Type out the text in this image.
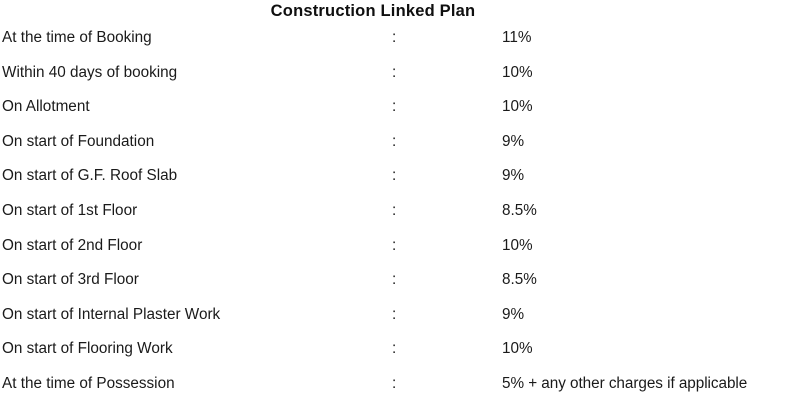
Construction Linked Plan
At the time of Booking	:	11%
Within 40 days of booking	:	10%
On Allotment	:	10%
On start of Foundation	:	9%
On start of G.F. Roof Slab	:	9%
On start of 1st Floor	:	8.5%
On start of 2nd Floor	:	10%
On start of 3rd Floor	:	8.5%
On start of Internal Plaster Work	:	9%
On start of Flooring Work	:	10%
At the time of Possession	:	5% + any other charges if applicable
